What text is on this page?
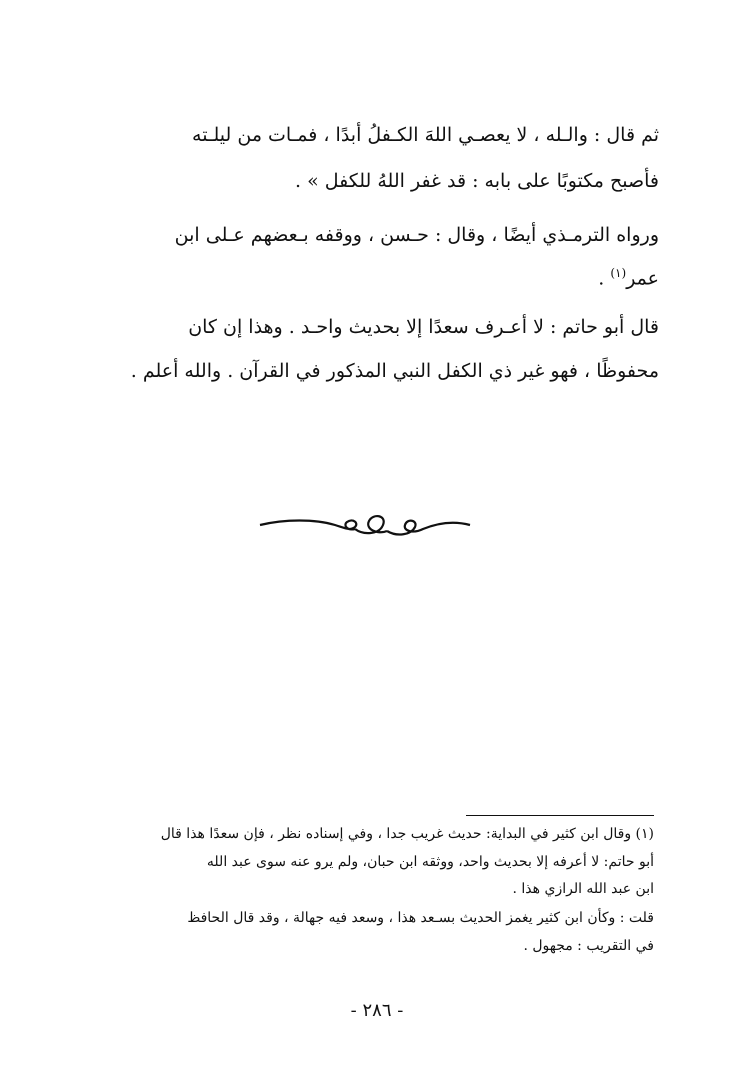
ثم قال : والـله ، لا يعصـي اللهَ الكـفلُ أبدًا ، فمـات من ليلـته
فأصبح مكتوبًا على بابه : قد غفر اللهُ للكفل » .
ورواه الترمـذي أيضًا ، وقال : حـسن ، ووقفه بـعضهم عـلى ابن
عمر$^{(١)}$ .
قال أبو حاتم : لا أعـرف سعدًا إلا بحديث واحـد . وهذا إن كان
محفوظًا ، فهو غير ذي الكفل النبي المذكور في القرآن . والله أعلم .
(١) وقال ابن كثير في البداية: حديث غريب جدا ، وفي إسناده نظر ، فإن سعدًا هذا قال
أبو حاتم: لا أعرفه إلا بحديث واحد، ووثقه ابن حبان، ولم يرو عنه سوى عبد الله
ابن عبد الله الرازي هذا .
قلت : وكأن ابن كثير يغمز الحديث بسـعد هذا ، وسعد فيه جهالة ، وقد قال الحافظ
في التقريب : مجهول .
- ٢٨٦ -
